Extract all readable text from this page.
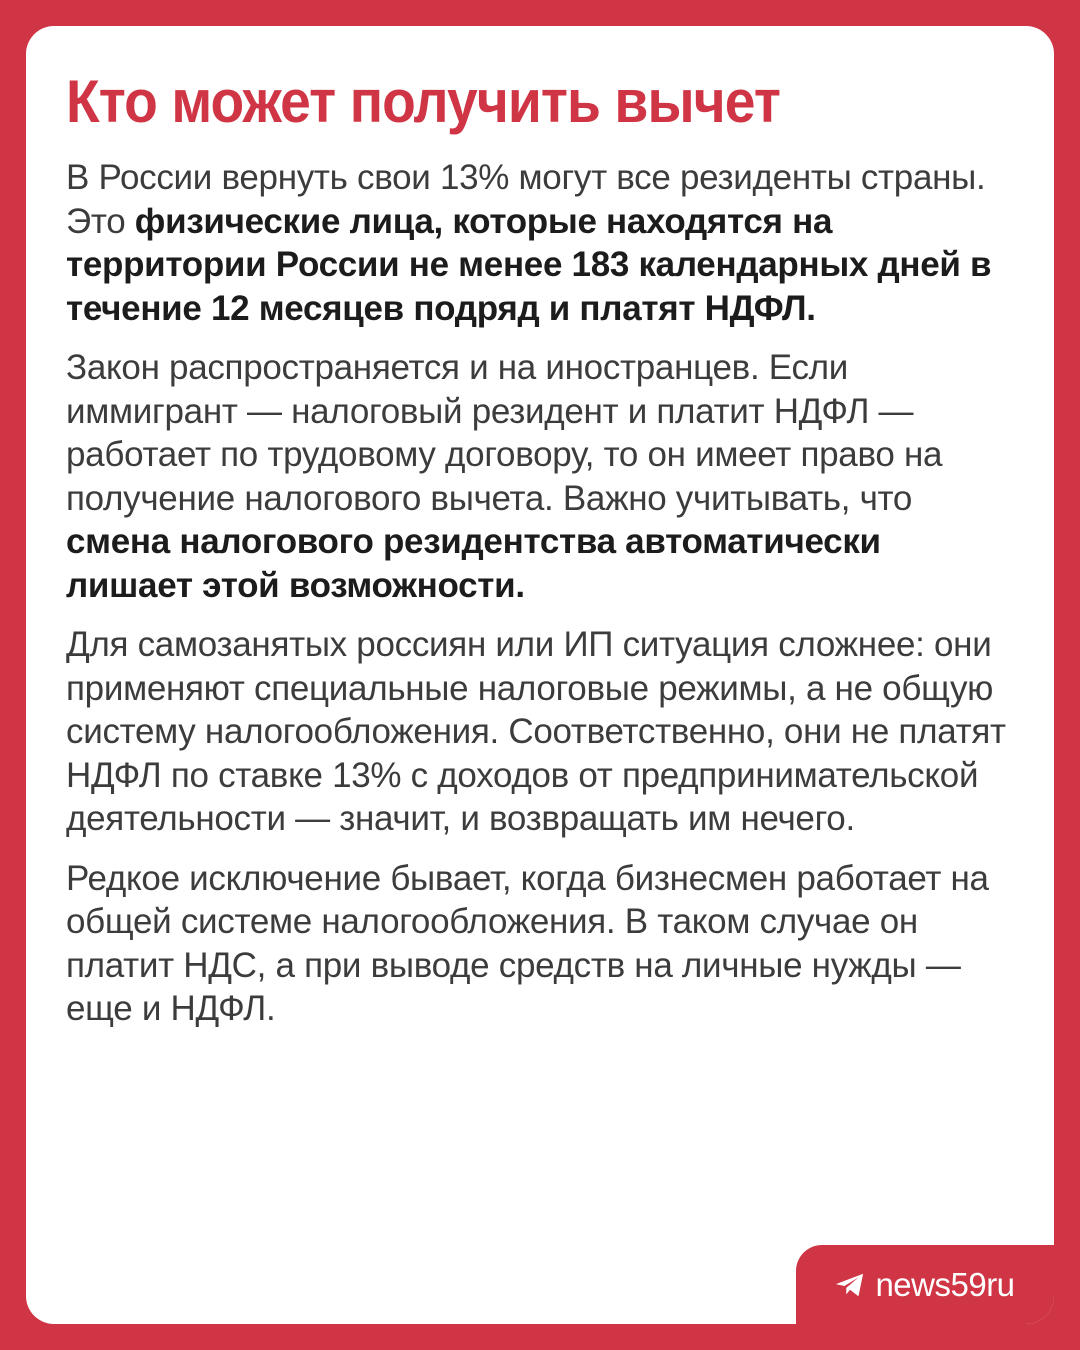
Кто может получить вычет

В России вернуть свои 13% могут все резиденты страны. Это физические лица, которые находятся на территории России не менее 183 календарных дней в течение 12 месяцев подряд и платят НДФЛ.

Закон распространяется и на иностранцев. Если иммигрант — налоговый резидент и платит НДФЛ — работает по трудовому договору, то он имеет право на получение налогового вычета. Важно учитывать, что смена налогового резидентства автоматически лишает этой возможности.

Для самозанятых россиян или ИП ситуация сложнее: они применяют специальные налоговые режимы, а не общую систему налогообложения. Соответственно, они не платят НДФЛ по ставке 13% с доходов от предпринимательской деятельности — значит, и возвращать им нечего.

Редкое исключение бывает, когда бизнесмен работает на общей системе налогообложения. В таком случае он платит НДС, а при выводе средств на личные нужды — еще и НДФЛ.

news59ru
